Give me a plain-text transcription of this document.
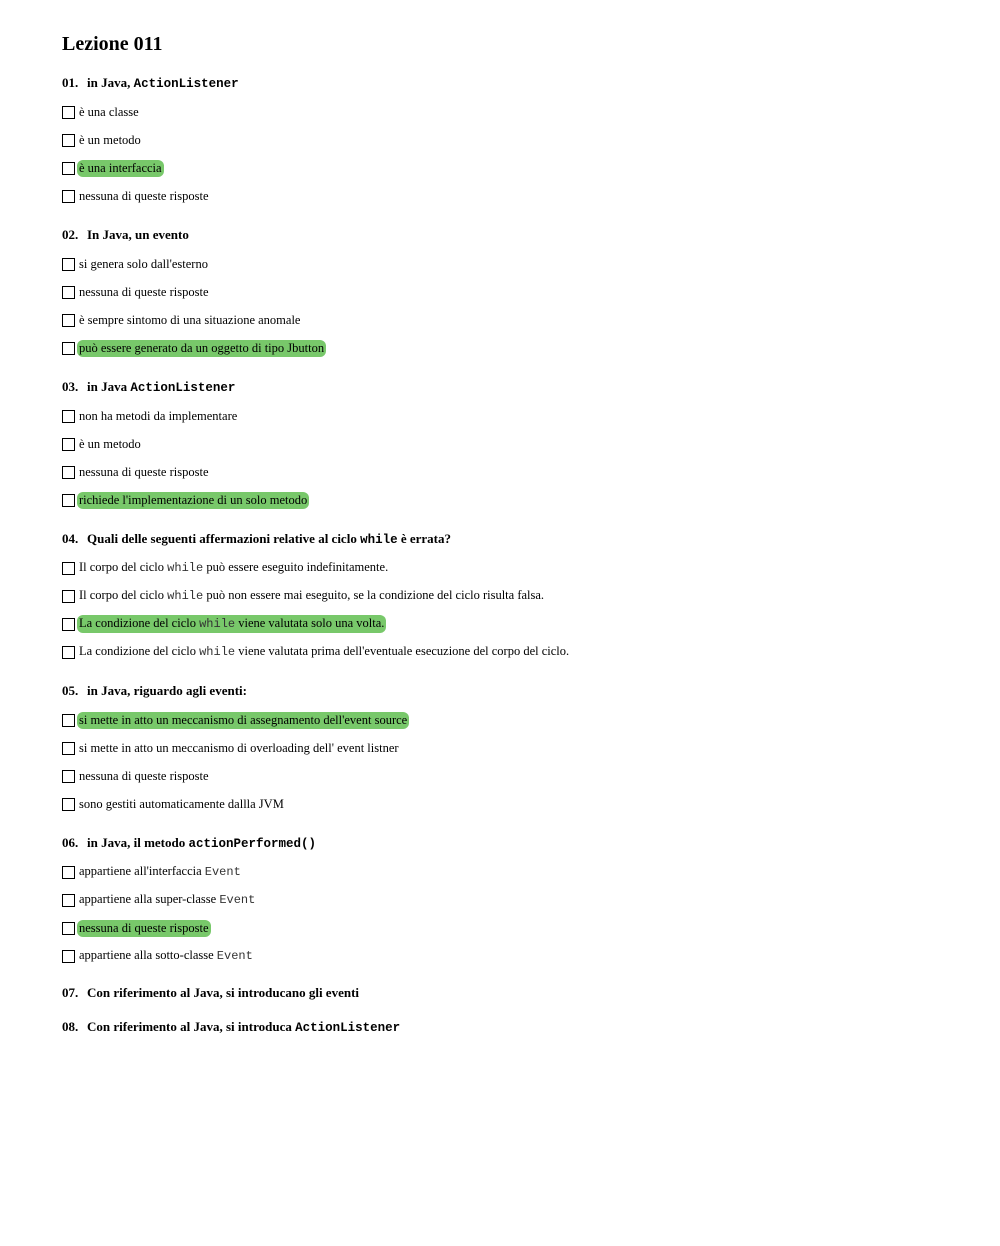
Lezione 011
01. in Java, ActionListener
è una classe
è un metodo
è una interfaccia
nessuna di queste risposte
02. In Java, un evento
si genera solo dall'esterno
nessuna di queste risposte
è sempre sintomo di una situazione anomale
può essere generato da un oggetto di tipo Jbutton
03. in Java ActionListener
non ha metodi da implementare
è un metodo
nessuna di queste risposte
richiede l'implementazione di un solo metodo
04. Quali delle seguenti affermazioni relative al ciclo while è errata?
Il corpo del ciclo while può essere eseguito indefinitamente.
Il corpo del ciclo while può non essere mai eseguito, se la condizione del ciclo risulta falsa.
La condizione del ciclo while viene valutata solo una volta.
La condizione del ciclo while viene valutata prima dell'eventuale esecuzione del corpo del ciclo.
05. in Java, riguardo agli eventi:
si mette in atto un meccanismo di assegnamento dell'event source
si mette in atto un meccanismo di overloading dell' event listner
nessuna di queste risposte
sono gestiti automaticamente dallla JVM
06. in Java, il metodo actionPerformed()
appartiene all'interfaccia Event
appartiene alla super-classe Event
nessuna di queste risposte
appartiene alla sotto-classe Event
07. Con riferimento al Java, si introducano gli eventi
08. Con riferimento al Java, si introduca ActionListener
